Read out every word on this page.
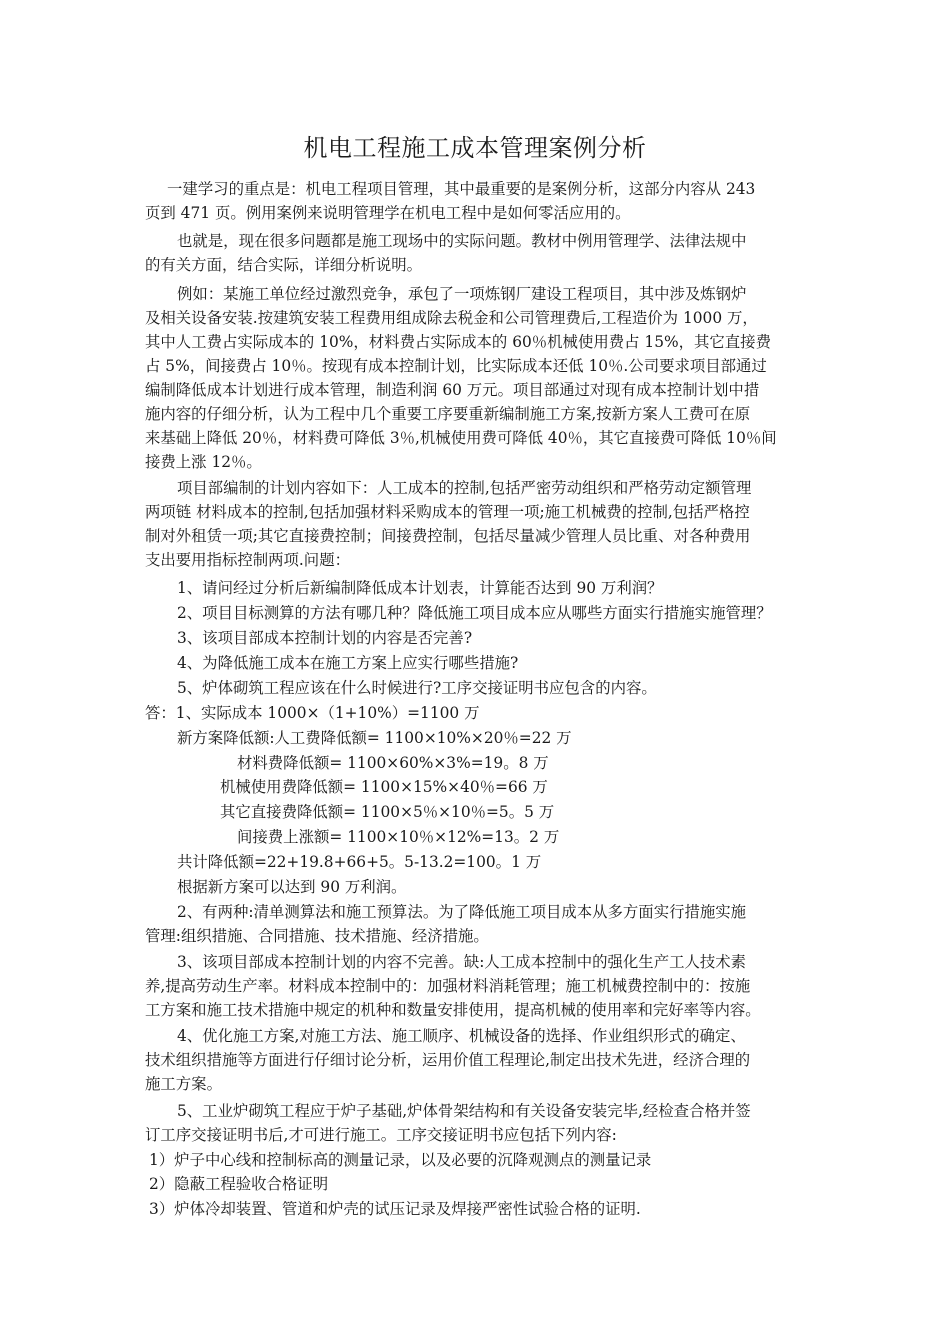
机电工程施工成本管理案例分析
一建学习的重点是：机电工程项目管理，其中最重要的是案例分析，这部分内容从 243
页到 471 页。例用案例来说明管理学在机电工程中是如何零活应用的。
也就是，现在很多问题都是施工现场中的实际问题。教材中例用管理学、法律法规中
的有关方面，结合实际，详细分析说明。
例如：某施工单位经过激烈竞争，承包了一项炼钢厂建设工程项目，其中涉及炼钢炉
及相关设备安装.按建筑安装工程费用组成除去税金和公司管理费后,工程造价为 1000 万，
其中人工费占实际成本的 10%，材料费占实际成本的 60％机械使用费占 15%，其它直接费
占 5%，间接费占 10％。按现有成本控制计划，比实际成本还低 10％.公司要求项目部通过
编制降低成本计划进行成本管理，制造利润 60 万元。项目部通过对现有成本控制计划中措
施内容的仔细分析，认为工程中几个重要工序要重新编制施工方案,按新方案人工费可在原
来基础上降低 20％，材料费可降低 3％,机械使用费可降低 40％，其它直接费可降低 10％间
接费上涨 12％。
项目部编制的计划内容如下：人工成本的控制,包括严密劳动组织和严格劳动定额管理
两项链 材料成本的控制,包括加强材料采购成本的管理一项;施工机械费的控制,包括严格控
制对外租赁一项;其它直接费控制；间接费控制，包括尽量减少管理人员比重、对各种费用
支出要用指标控制两项.问题：
1、请问经过分析后新编制降低成本计划表，计算能否达到 90 万利润？
2、项目目标测算的方法有哪几种？降低施工项目成本应从哪些方面实行措施实施管理？
3、该项目部成本控制计划的内容是否完善?
4、为降低施工成本在施工方案上应实行哪些措施?
5、炉体砌筑工程应该在什么时候进行?工序交接证明书应包含的内容。
答：1、实际成本 1000×（1+10%）=1100 万
新方案降低额:人工费降低额= 1100×10%×20％=22 万
材料费降低额= 1100×60%×3%=19。8 万
机械使用费降低额= 1100×15%×40％=66 万
其它直接费降低额= 1100×5％×10％=5。5 万
间接费上涨额= 1100×10％×12%=13。2 万
共计降低额=22+19.8+66+5。5-13.2=100。1 万
根据新方案可以达到 90 万利润。
2、有两种:清单测算法和施工预算法。为了降低施工项目成本从多方面实行措施实施
管理:组织措施、合同措施、技术措施、经济措施。
3、该项目部成本控制计划的内容不完善。缺:人工成本控制中的强化生产工人技术素
养,提高劳动生产率。材料成本控制中的：加强材料消耗管理；施工机械费控制中的：按施
工方案和施工技术措施中规定的机种和数量安排使用，提高机械的使用率和完好率等内容。
4、优化施工方案,对施工方法、施工顺序、机械设备的选择、作业组织形式的确定、
技术组织措施等方面进行仔细讨论分析，运用价值工程理论,制定出技术先进，经济合理的
施工方案。
5、工业炉砌筑工程应于炉子基础,炉体骨架结构和有关设备安装完毕,经检查合格并签
订工序交接证明书后,才可进行施工。工序交接证明书应包括下列内容:
1）炉子中心线和控制标高的测量记录，以及必要的沉降观测点的测量记录
2）隐蔽工程验收合格证明
3）炉体冷却装置、管道和炉壳的试压记录及焊接严密性试验合格的证明.
